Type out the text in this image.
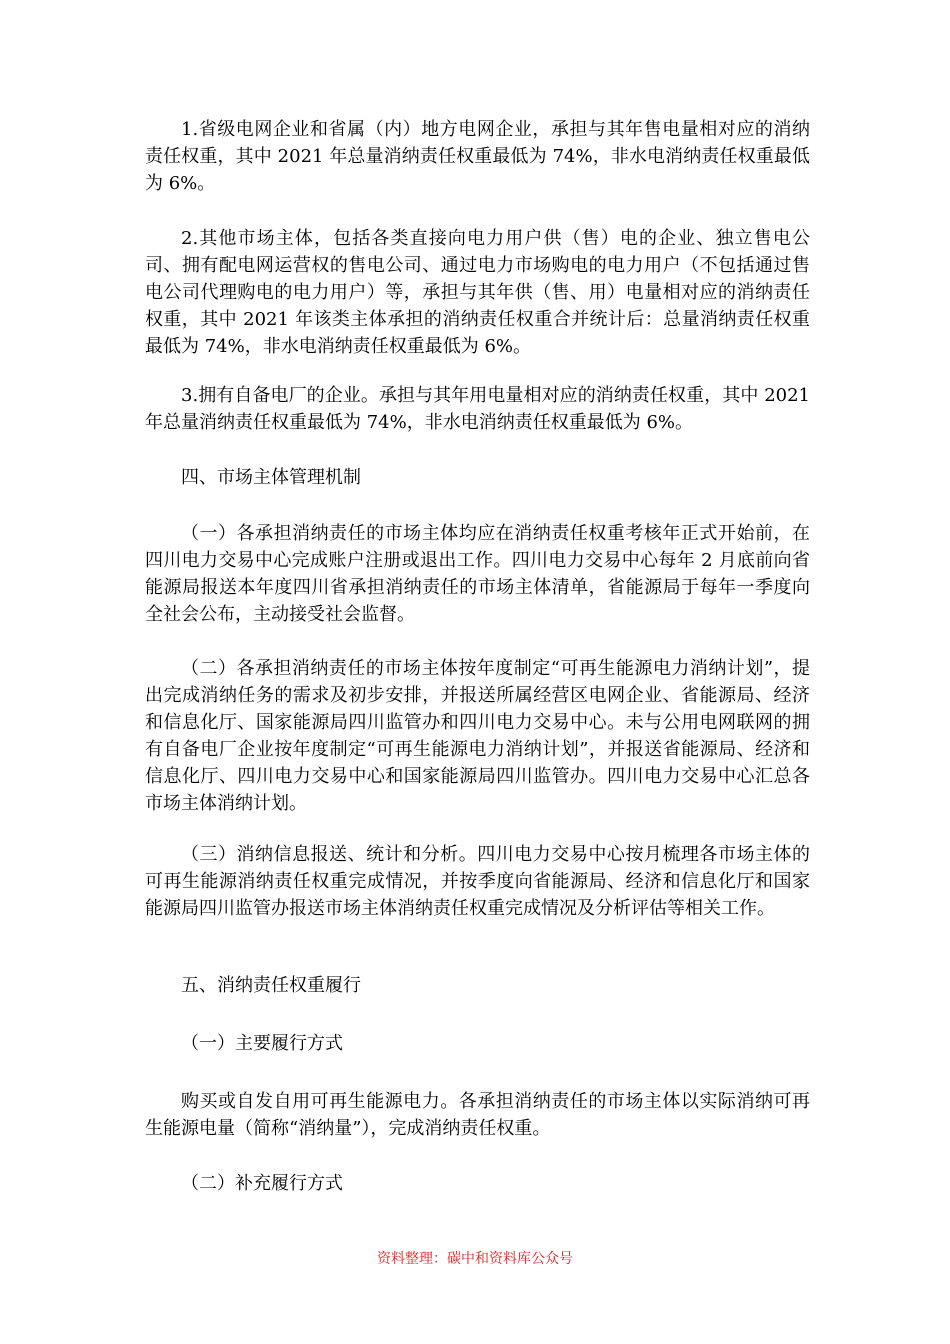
1.省级电网企业和省属（内）地方电网企业，承担与其年售电量相对应的消纳责任权重，其中 2021 年总量消纳责任权重最低为 74%，非水电消纳责任权重最低为 6%。

2.其他市场主体，包括各类直接向电力用户供（售）电的企业、独立售电公司、拥有配电网运营权的售电公司、通过电力市场购电的电力用户（不包括通过售电公司代理购电的电力用户）等，承担与其年供（售、用）电量相对应的消纳责任权重，其中 2021 年该类主体承担的消纳责任权重合并统计后：总量消纳责任权重最低为 74%，非水电消纳责任权重最低为 6%。

3.拥有自备电厂的企业。承担与其年用电量相对应的消纳责任权重，其中 2021 年总量消纳责任权重最低为 74%，非水电消纳责任权重最低为 6%。

四、市场主体管理机制

（一）各承担消纳责任的市场主体均应在消纳责任权重考核年正式开始前，在四川电力交易中心完成账户注册或退出工作。四川电力交易中心每年 2 月底前向省能源局报送本年度四川省承担消纳责任的市场主体清单，省能源局于每年一季度向全社会公布，主动接受社会监督。

（二）各承担消纳责任的市场主体按年度制定“可再生能源电力消纳计划”，提出完成消纳任务的需求及初步安排，并报送所属经营区电网企业、省能源局、经济和信息化厅、国家能源局四川监管办和四川电力交易中心。未与公用电网联网的拥有自备电厂企业按年度制定“可再生能源电力消纳计划”，并报送省能源局、经济和信息化厅、四川电力交易中心和国家能源局四川监管办。四川电力交易中心汇总各市场主体消纳计划。

（三）消纳信息报送、统计和分析。四川电力交易中心按月梳理各市场主体的可再生能源消纳责任权重完成情况，并按季度向省能源局、经济和信息化厅和国家能源局四川监管办报送市场主体消纳责任权重完成情况及分析评估等相关工作。

五、消纳责任权重履行

（一）主要履行方式

购买或自发自用可再生能源电力。各承担消纳责任的市场主体以实际消纳可再生能源电量（简称“消纳量”），完成消纳责任权重。

（二）补充履行方式

资料整理：碳中和资料库公众号
